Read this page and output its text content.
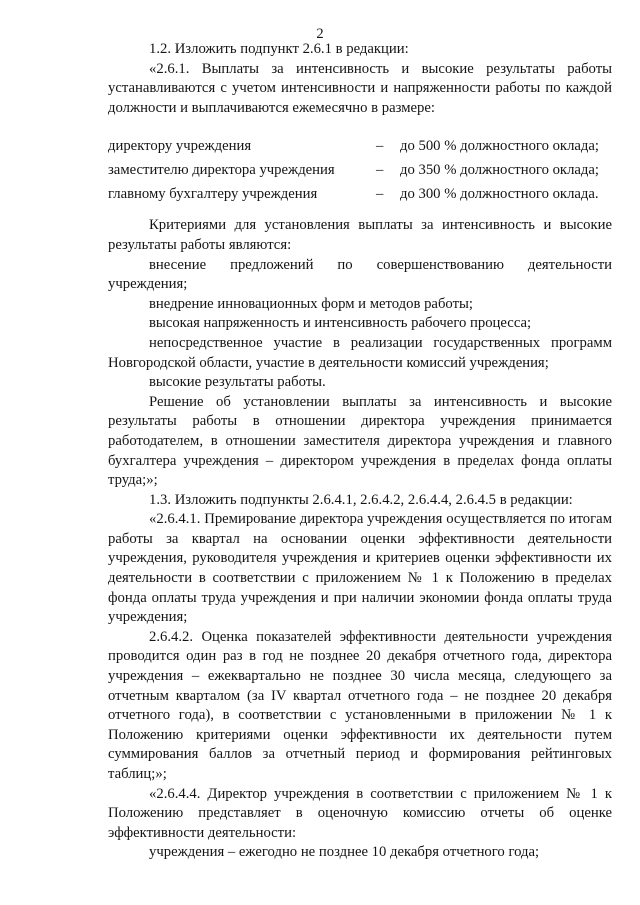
2

1.2. Изложить подпункт 2.6.1 в редакции:

«2.6.1. Выплаты за интенсивность и высокие результаты работы устанавливаются с учетом интенсивности и напряженности работы по каждой должности и выплачиваются ежемесячно в размере:

директору учреждения	– до 500 % должностного оклада;
заместителю директора учреждения	– до 350 % должностного оклада;
главному бухгалтеру учреждения	– до 300 % должностного оклада.

Критериями для установления выплаты за интенсивность и высокие результаты работы являются:

внесение предложений по совершенствованию деятельности учреждения;

внедрение инновационных форм и методов работы;

высокая напряженность и интенсивность рабочего процесса;

непосредственное участие в реализации государственных программ Новгородской области, участие в деятельности комиссий учреждения;

высокие результаты работы.

Решение об установлении выплаты за интенсивность и высокие результаты работы в отношении директора учреждения принимается работодателем, в отношении заместителя директора учреждения и главного бухгалтера учреждения – директором учреждения в пределах фонда оплаты труда;»;

1.3. Изложить подпункты 2.6.4.1, 2.6.4.2, 2.6.4.4, 2.6.4.5 в редакции:

«2.6.4.1. Премирование директора учреждения осуществляется по итогам работы за квартал на основании оценки эффективности деятельности учреждения, руководителя учреждения и критериев оценки эффективности их деятельности в соответствии с приложением № 1 к Положению в пределах фонда оплаты труда учреждения и при наличии экономии фонда оплаты труда учреждения;

2.6.4.2. Оценка показателей эффективности деятельности учреждения проводится один раз в год не позднее 20 декабря отчетного года, директора учреждения – ежеквартально не позднее 30 числа месяца, следующего за отчетным кварталом (за IV квартал отчетного года – не позднее 20 декабря отчетного года), в соответствии с установленными в приложении № 1 к Положению критериями оценки эффективности их деятельности путем суммирования баллов за отчетный период и формирования рейтинговых таблиц;»;

«2.6.4.4. Директор учреждения в соответствии с приложением № 1 к Положению представляет в оценочную комиссию отчеты об оценке эффективности деятельности:

учреждения – ежегодно не позднее 10 декабря отчетного года;
